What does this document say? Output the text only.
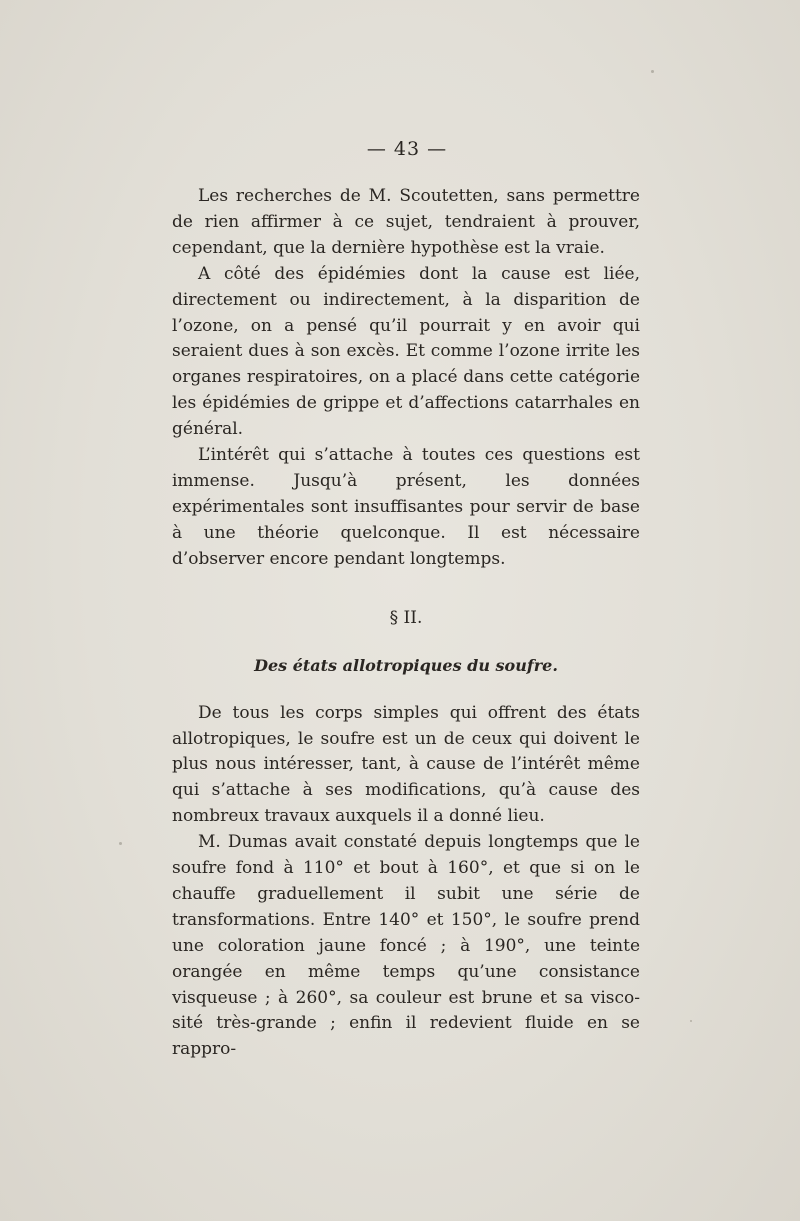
— 43 —

Les recherches de M. Scoutetten, sans permettre de rien affirmer à ce sujet, tendraient à prouver, cependant, que la dernière hypothèse est la vraie.

A côté des épidémies dont la cause est liée, directement ou indirectement, à la disparition de l’ozone, on a pensé qu’il pourrait y en avoir qui seraient dues à son excès. Et comme l’ozone irrite les organes respiratoires, on a placé dans cette catégorie les épidémies de grippe et d’affections catarrhales en général.

L’intérêt qui s’attache à toutes ces questions est immense. Jusqu’à présent, les données expérimentales sont insuffisantes pour servir de base à une théorie quelconque. Il est nécessaire d’observer encore pendant longtemps.

§ II.
Des états allotropiques du soufre.

De tous les corps simples qui offrent des états allotropiques, le soufre est un de ceux qui doivent le plus nous intéresser, tant, à cause de l’intérêt même qui s’attache à ses modifications, qu’à cause des nombreux travaux auxquels il a donné lieu.

M. Dumas avait constaté depuis longtemps que le soufre fond à 110° et bout à 160°, et que si on le chauffe graduellement il subit une série de transformations. Entre 140° et 150°, le soufre prend une coloration jaune foncé ; à 190°, une teinte orangée en même temps qu’une consistance visqueuse ; à 260°, sa couleur est brune et sa viscosité très-grande ; enfin il redevient fluide en se rappro-
